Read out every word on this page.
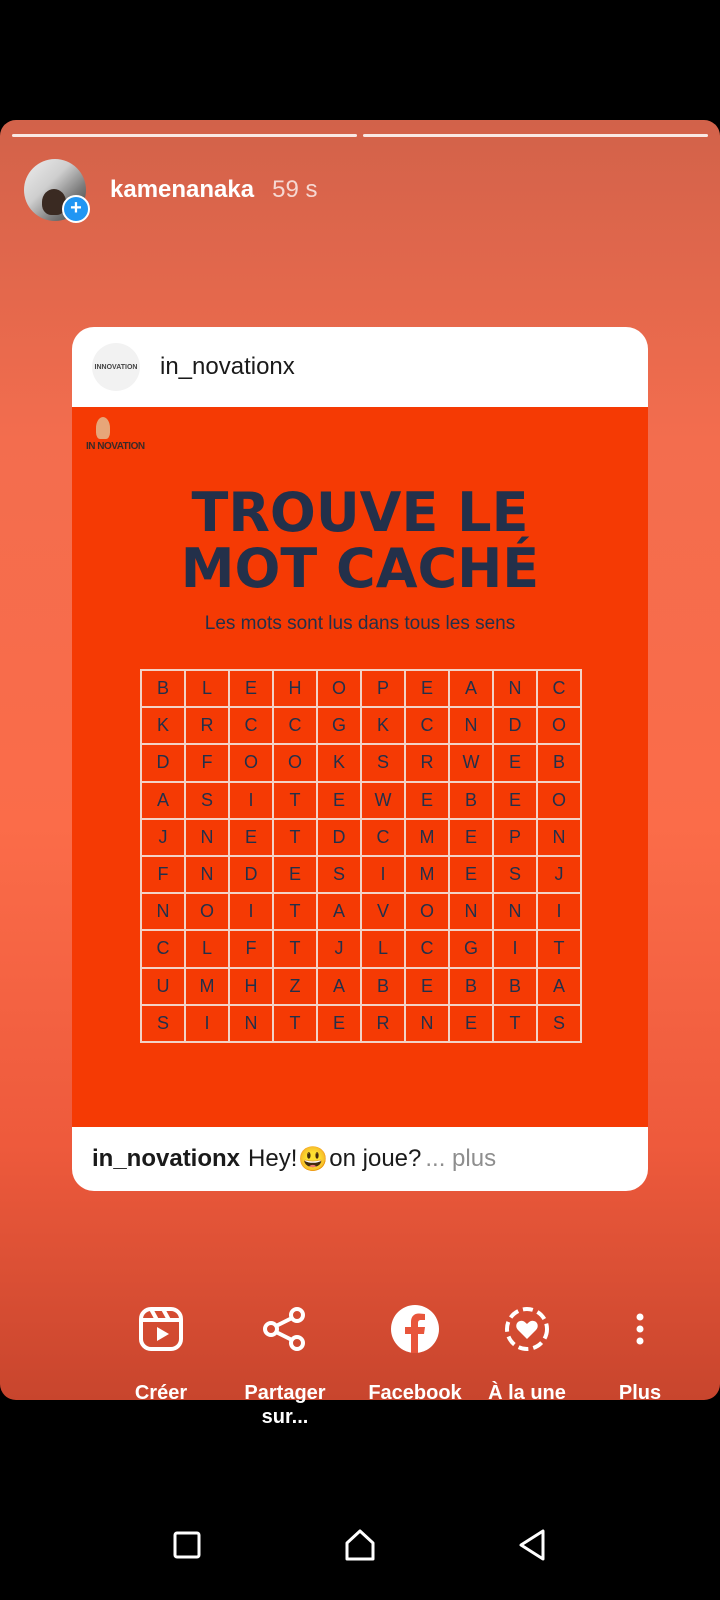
+
kamenanaka 59 s
INNOVATION in_novationx
IN NOVATION
TROUVE LE
MOT CACHÉ
Les mots sont lus dans tous les sens
B	L	E	H	O	P	E	A	N	C
K	R	C	C	G	K	C	N	D	O
D	F	O	O	K	S	R	W	E	B
A	S	I	T	E	W	E	B	E	O
J	N	E	T	D	C	M	E	P	N
F	N	D	E	S	I	M	E	S	J
N	O	I	T	A	V	O	N	N	I
C	L	F	T	J	L	C	G	I	T
U	M	H	Z	A	B	E	B	B	A
S	I	N	T	E	R	N	E	T	S
in_novationx Hey! 😃 on joue? ... plus
Créer	Partager sur...
Facebook	À la une	Plus
